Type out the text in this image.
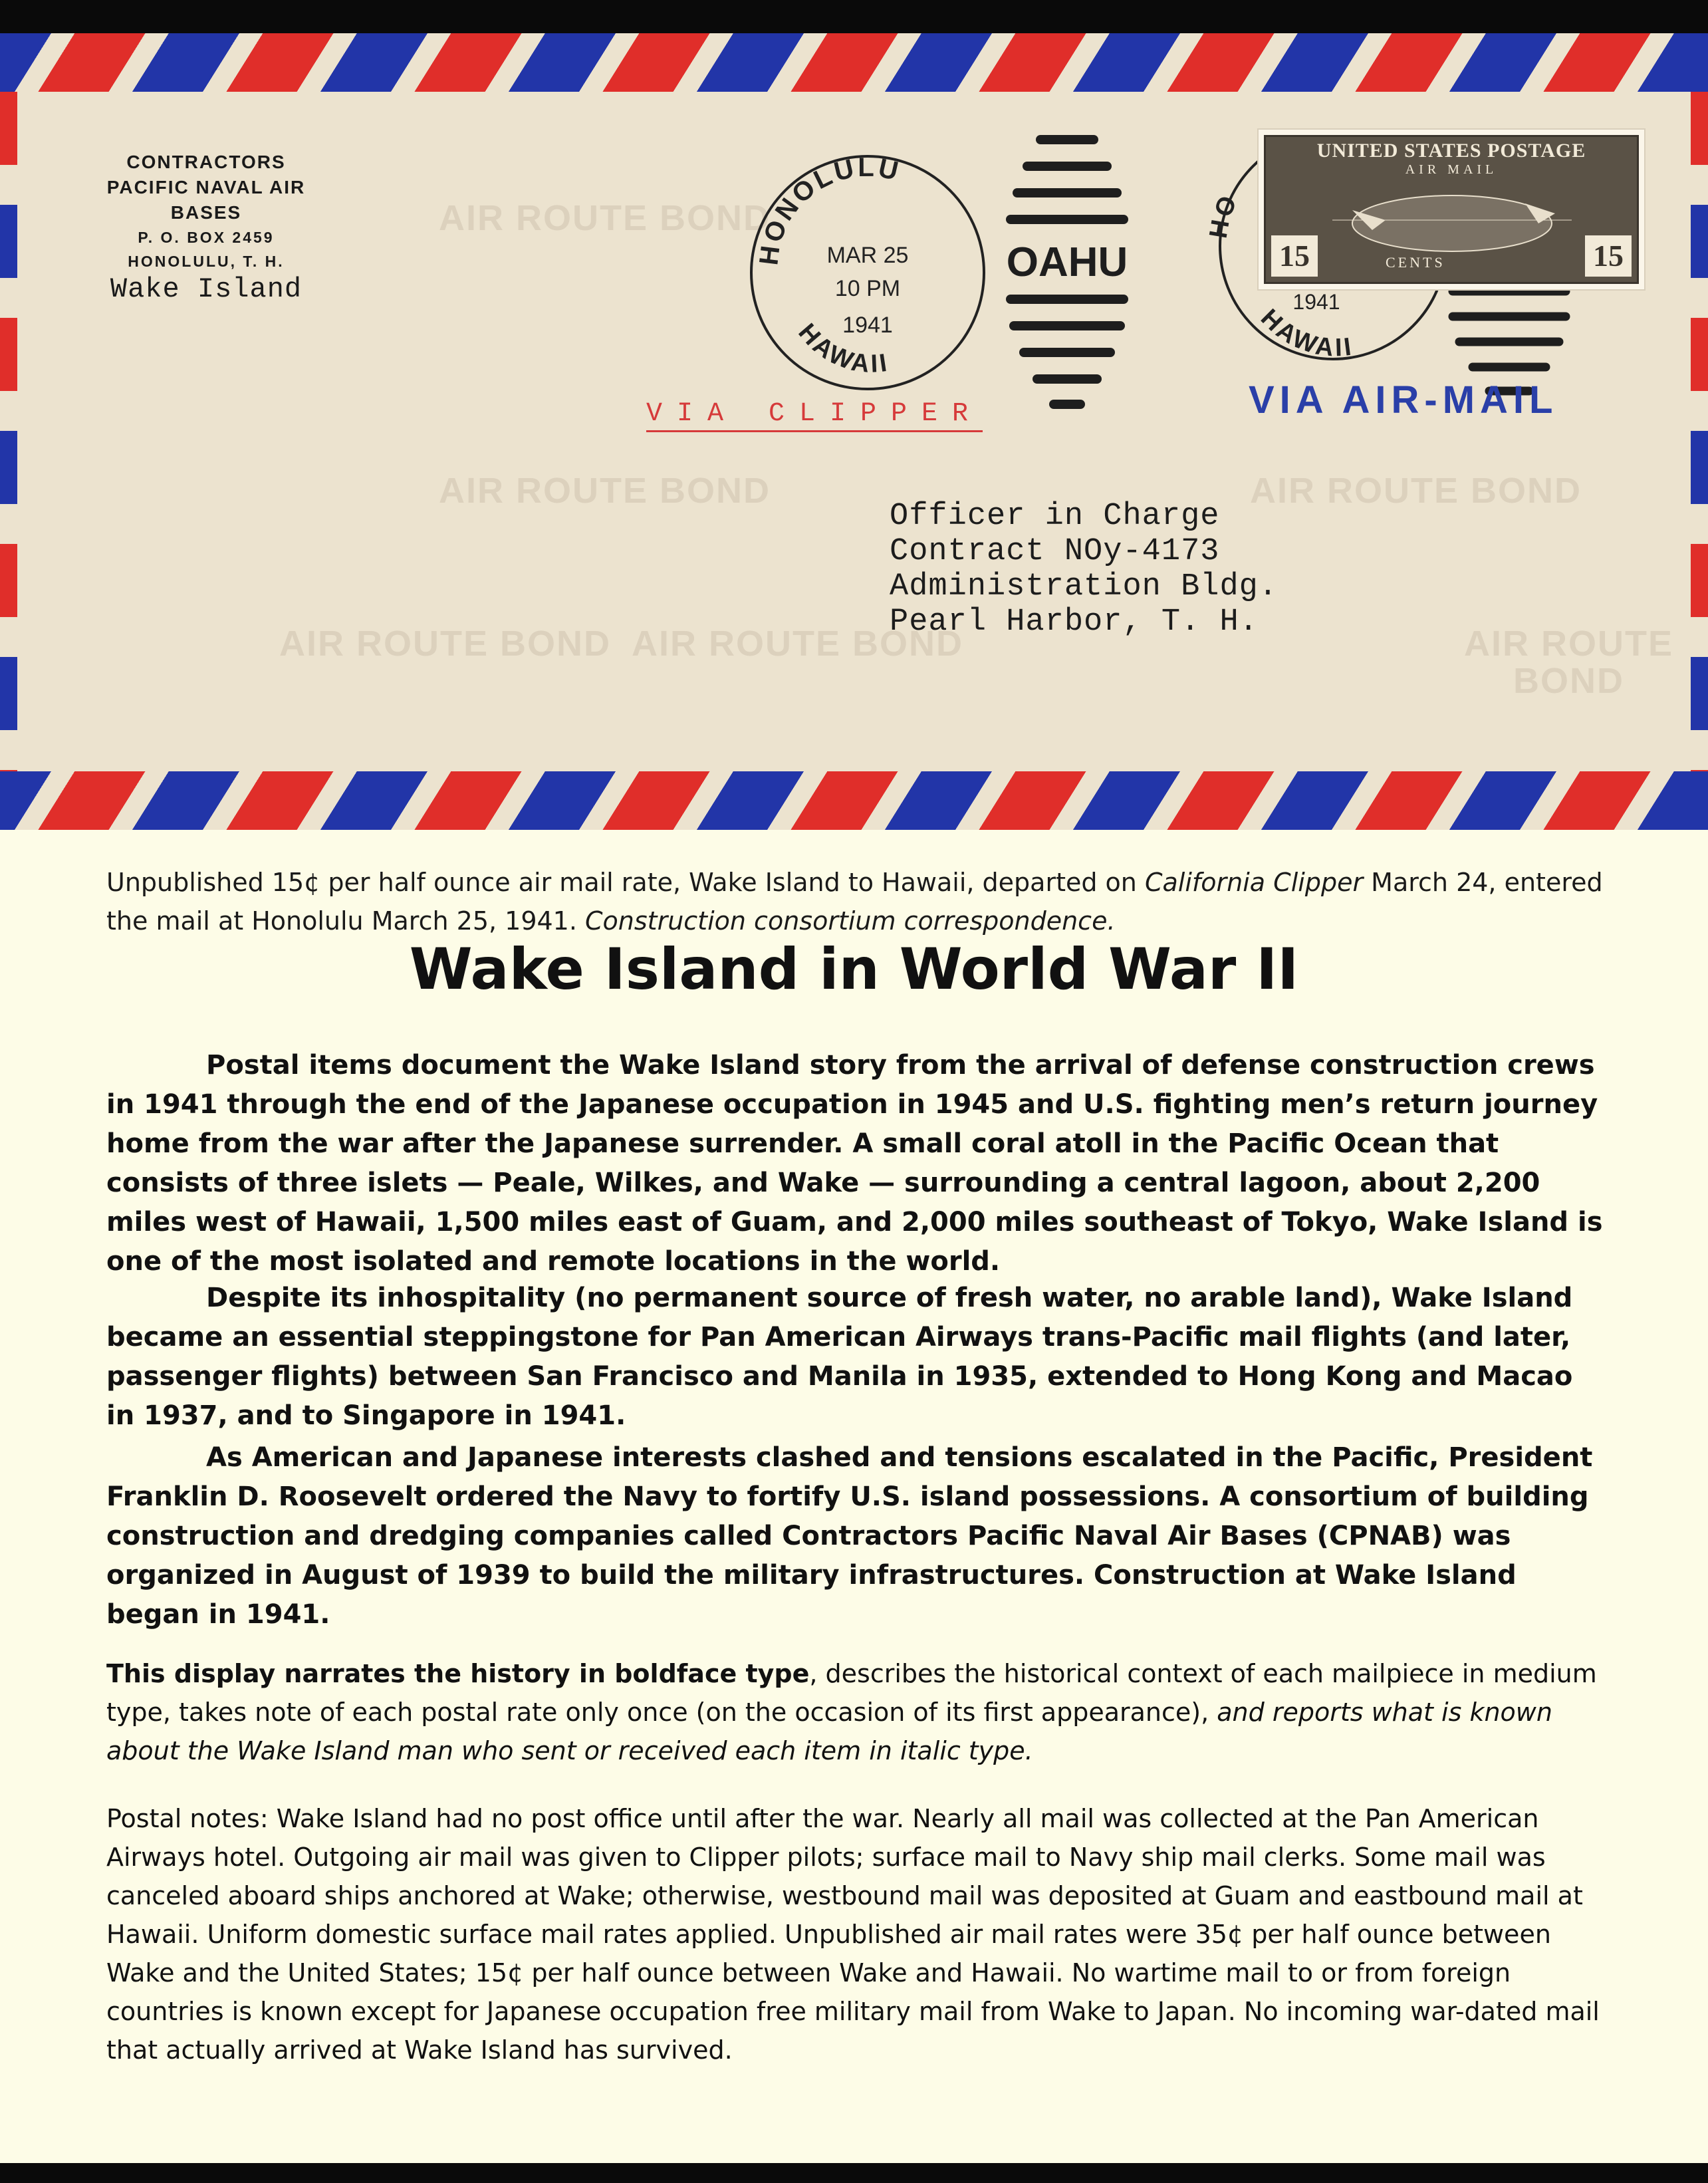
AIR ROUTE BOND
AIR ROUTE BOND	AIR ROUTE BOND
AIR ROUTE BOND
AIR ROUTE BOND
AIR ROUTE BOND
CONTRACTORS
PACIFIC NAVAL AIR BASES
P. O. BOX 2459
HONOLULU, T. H.
Wake Island
HONOLULU
HAWAII
MAR 25
10 PM
1941
OAHU
HO
HAWAII
1941
UNITED STATES POSTAGE
AIR MAIL
15	CENTS	15
VIA CLIPPER	VIA AIR-MAIL
Officer in Charge
Contract NOy-4173
Administration Bldg.
Pearl Harbor, T. H.

Unpublished 15¢ per half ounce air mail rate, Wake Island to Hawaii, departed on California Clipper March 24, entered the mail at Honolulu March 25, 1941. Construction consortium correspondence.

Wake Island in World War II

Postal items document the Wake Island story from the arrival of defense construction crews in 1941 through the end of the Japanese occupation in 1945 and U.S. fighting men’s return journey home from the war after the Japanese surrender. A small coral atoll in the Pacific Ocean that consists of three islets — Peale, Wilkes, and Wake — surrounding a central lagoon, about 2,200 miles west of Hawaii, 1,500 miles east of Guam, and 2,000 miles southeast of Tokyo, Wake Island is one of the most isolated and remote locations in the world.

Despite its inhospitality (no permanent source of fresh water, no arable land), Wake Island became an essential steppingstone for Pan American Airways trans-Pacific mail flights (and later, passenger flights) between San Francisco and Manila in 1935, extended to Hong Kong and Macao in 1937, and to Singapore in 1941.

As American and Japanese interests clashed and tensions escalated in the Pacific, President Franklin D. Roosevelt ordered the Navy to fortify U.S. island possessions. A consortium of building construction and dredging companies called Contractors Pacific Naval Air Bases (CPNAB) was organized in August of 1939 to build the military infrastructures. Construction at Wake Island began in 1941.

This display narrates the history in boldface type, describes the historical context of each mailpiece in medium type, takes note of each postal rate only once (on the occasion of its first appearance), and reports what is known about the Wake Island man who sent or received each item in italic type.

Postal notes: Wake Island had no post office until after the war. Nearly all mail was collected at the Pan American Airways hotel. Outgoing air mail was given to Clipper pilots; surface mail to Navy ship mail clerks. Some mail was canceled aboard ships anchored at Wake; otherwise, westbound mail was deposited at Guam and eastbound mail at Hawaii. Uniform domestic surface mail rates applied. Unpublished air mail rates were 35¢ per half ounce between Wake and the United States; 15¢ per half ounce between Wake and Hawaii. No wartime mail to or from foreign countries is known except for Japanese occupation free military mail from Wake to Japan. No incoming war-dated mail that actually arrived at Wake Island has survived.
